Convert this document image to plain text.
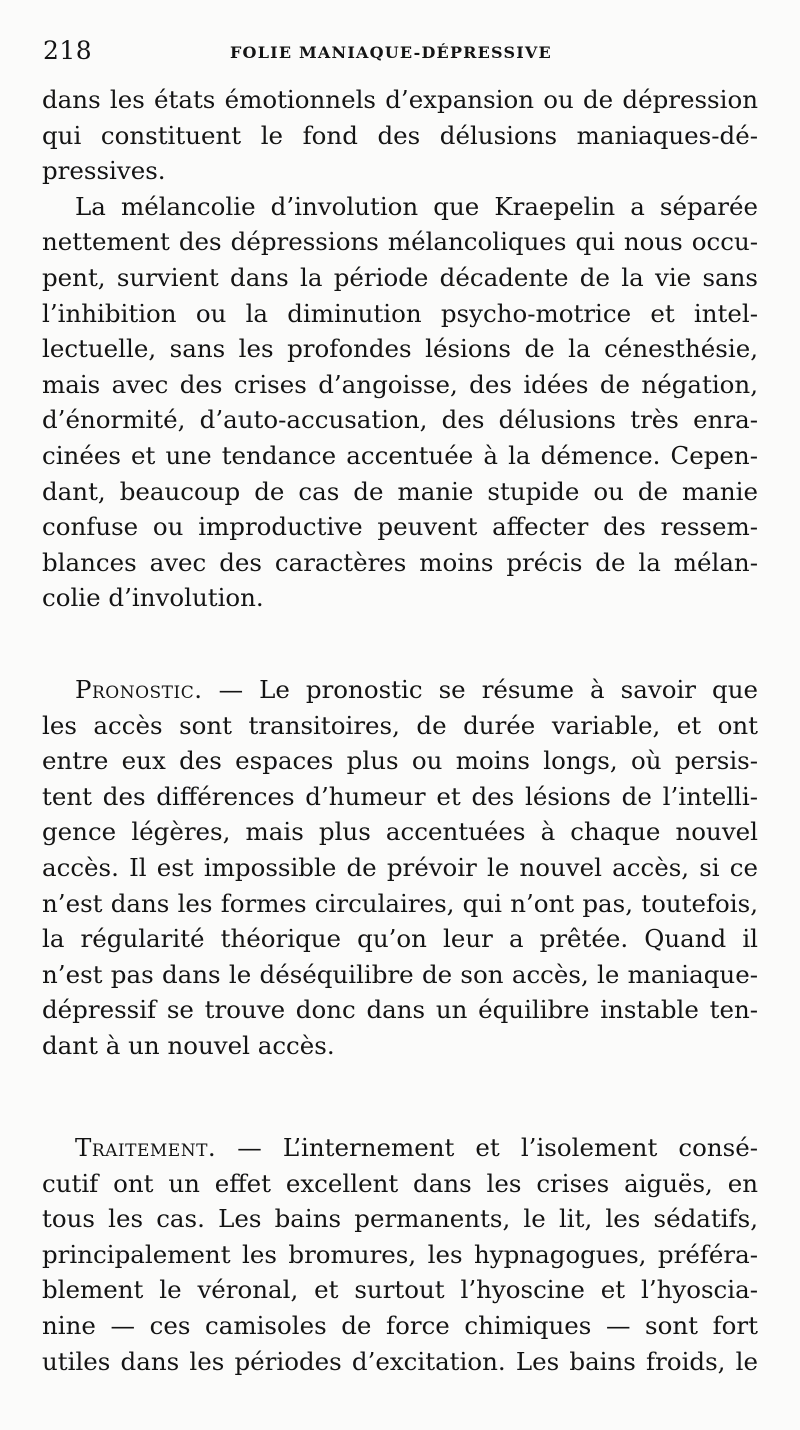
218	FOLIE MANIAQUE-DÉPRESSIVE
dans les états émotionnels d’expansion ou de dépression
qui constituent le fond des délusions maniaques-dé-
pressives.
La mélancolie d’involution que Kraepelin a séparée
nettement des dépressions mélancoliques qui nous occu-
pent, survient dans la période décadente de la vie sans
l’inhibition ou la diminution psycho-motrice et intel-
lectuelle, sans les profondes lésions de la cénesthésie,
mais avec des crises d’angoisse, des idées de négation,
d’énormité, d’auto-accusation, des délusions très enra-
cinées et une tendance accentuée à la démence. Cepen-
dant, beaucoup de cas de manie stupide ou de manie
confuse ou improductive peuvent affecter des ressem-
blances avec des caractères moins précis de la mélan-
colie d’involution.
Pronostic. — Le pronostic se résume à savoir que
les accès sont transitoires, de durée variable, et ont
entre eux des espaces plus ou moins longs, où persis-
tent des différences d’humeur et des lésions de l’intelli-
gence légères, mais plus accentuées à chaque nouvel
accès. Il est impossible de prévoir le nouvel accès, si ce
n’est dans les formes circulaires, qui n’ont pas, toutefois,
la régularité théorique qu’on leur a prêtée. Quand il
n’est pas dans le déséquilibre de son accès, le maniaque-
dépressif se trouve donc dans un équilibre instable ten-
dant à un nouvel accès.
Traitement. — L’internement et l’isolement consé-
cutif ont un effet excellent dans les crises aiguës, en
tous les cas. Les bains permanents, le lit, les sédatifs,
principalement les bromures, les hypnagogues, préféra-
blement le véronal, et surtout l’hyoscine et l’hyoscia-
nine — ces camisoles de force chimiques — sont fort
utiles dans les périodes d’excitation. Les bains froids, le
